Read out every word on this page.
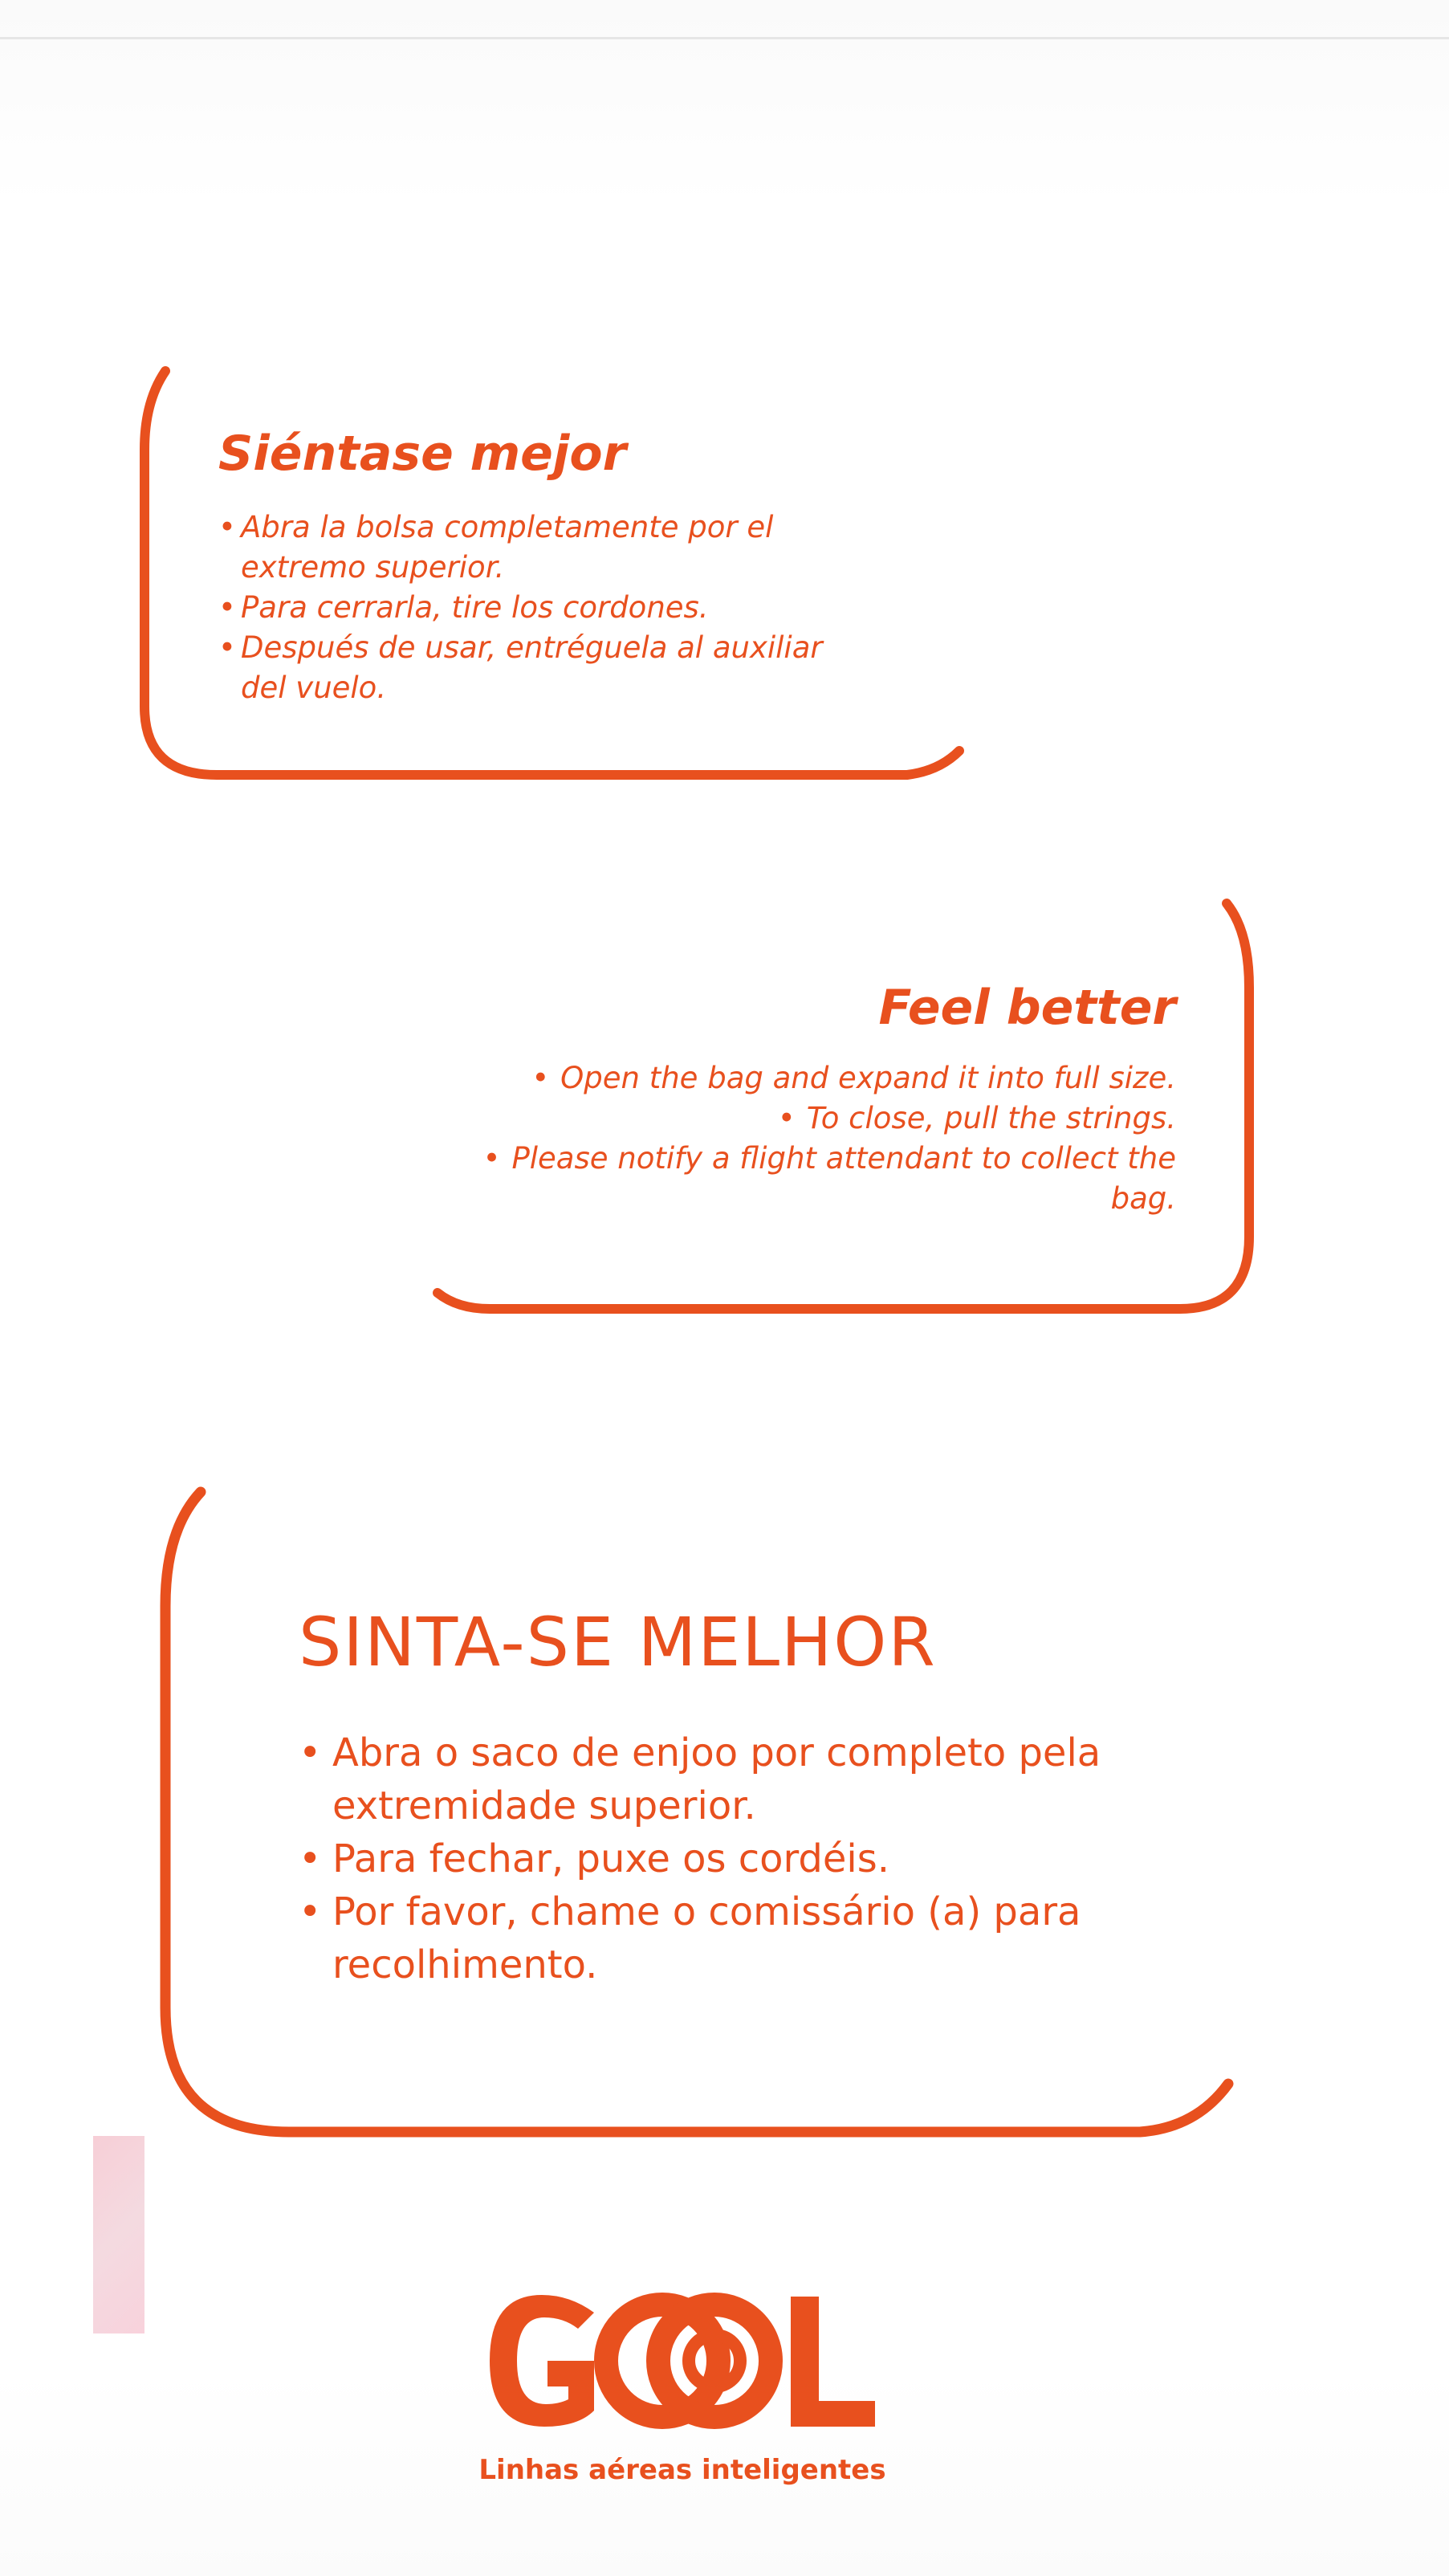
Siéntase mejor
• Abra la bolsa completamente por el extremo superior.
• Para cerrarla, tire los cordones.
• Después de usar, entréguela al auxiliar del vuelo.
Feel better
• Open the bag and expand it into full size.
• To close, pull the strings.
• Please notify a flight attendant to collect the bag.
SINTA-SE MELHOR
• Abra o saco de enjoo por completo pela extremidade superior.
• Para fechar, puxe os cordéis.
• Por favor, chame o comissário (a) para recolhimento.
Linhas aéreas inteligentes
